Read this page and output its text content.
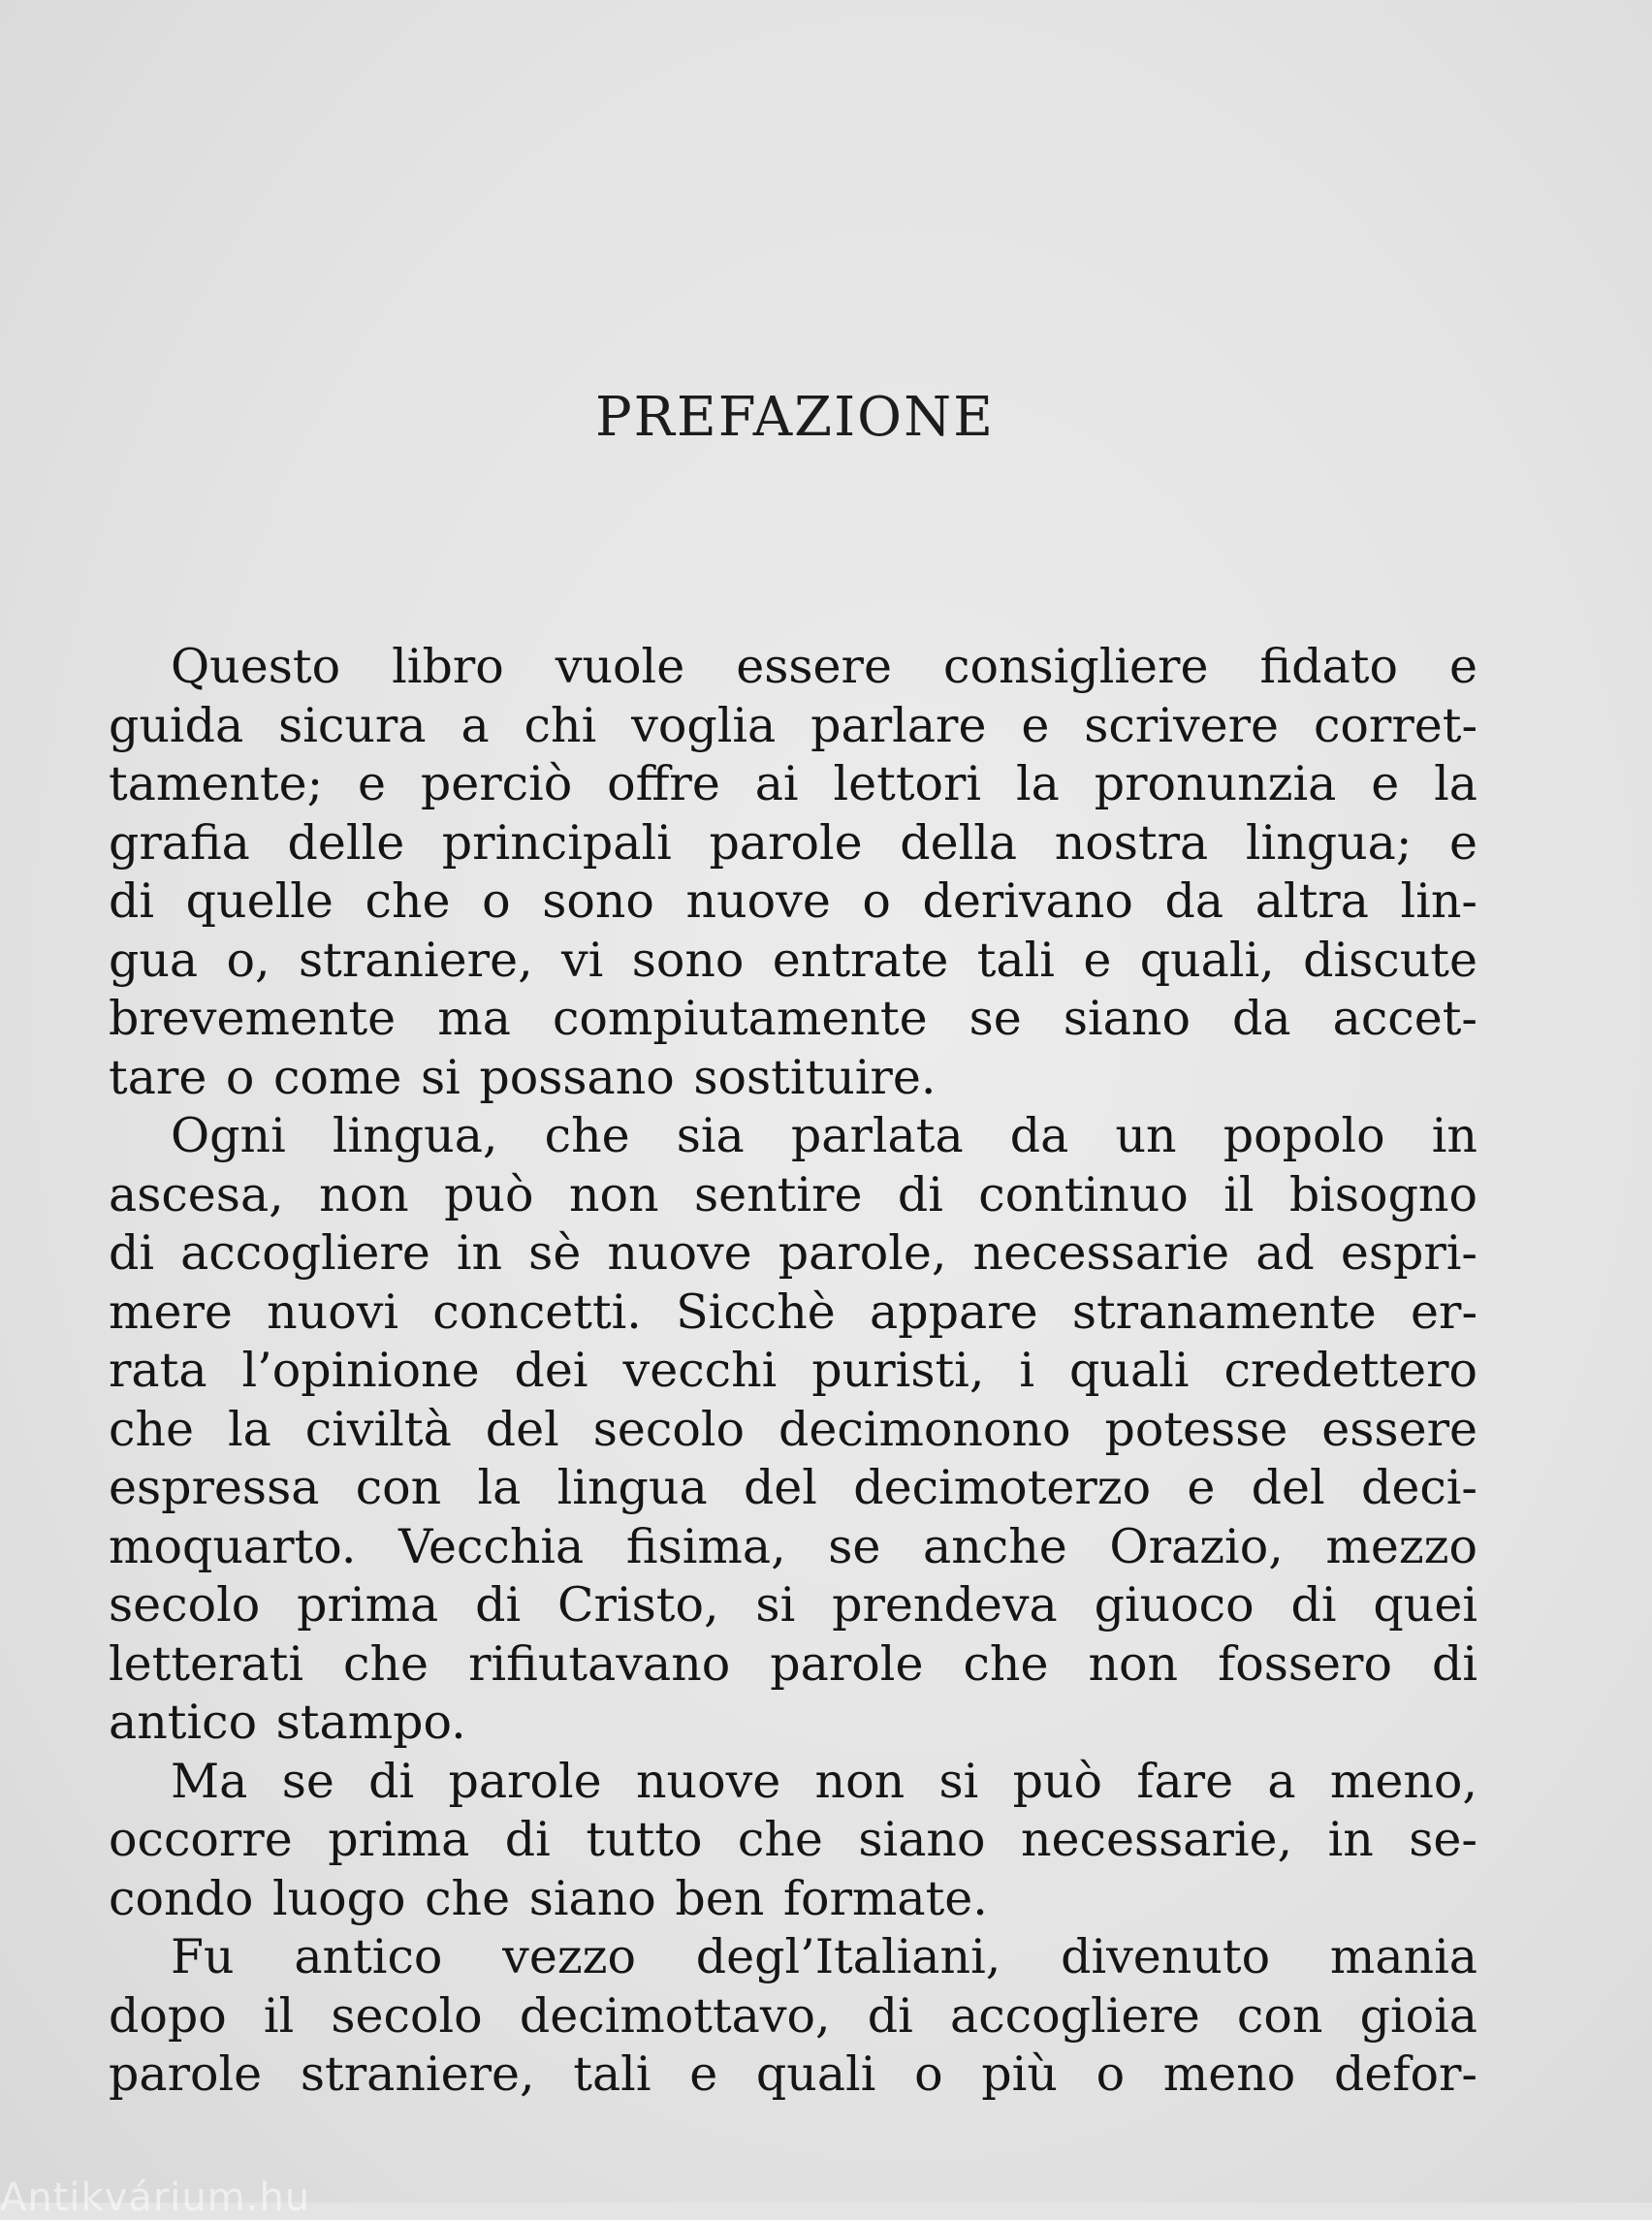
PREFAZIONE

Questo libro vuole essere consigliere fidato e
guida sicura a chi voglia parlare e scrivere corret-
tamente; e perciò offre ai lettori la pronunzia e la
grafia delle principali parole della nostra lingua; e
di quelle che o sono nuove o derivano da altra lin-
gua o, straniere, vi sono entrate tali e quali, discute
brevemente ma compiutamente se siano da accet-
tare o come si possano sostituire.

Ogni lingua, che sia parlata da un popolo in
ascesa, non può non sentire di continuo il bisogno
di accogliere in sè nuove parole, necessarie ad espri-
mere nuovi concetti. Sicchè appare stranamente er-
rata l’opinione dei vecchi puristi, i quali credettero
che la civiltà del secolo decimonono potesse essere
espressa con la lingua del decimoterzo e del deci-
moquarto. Vecchia fisima, se anche Orazio, mezzo
secolo prima di Cristo, si prendeva giuoco di quei
letterati che rifiutavano parole che non fossero di
antico stampo.

Ma se di parole nuove non si può fare a meno,
occorre prima di tutto che siano necessarie, in se-
condo luogo che siano ben formate.

Fu antico vezzo degl’Italiani, divenuto mania
dopo il secolo decimottavo, di accogliere con gioia
parole straniere, tali e quali o più o meno defor-

Antikvárium.hu
